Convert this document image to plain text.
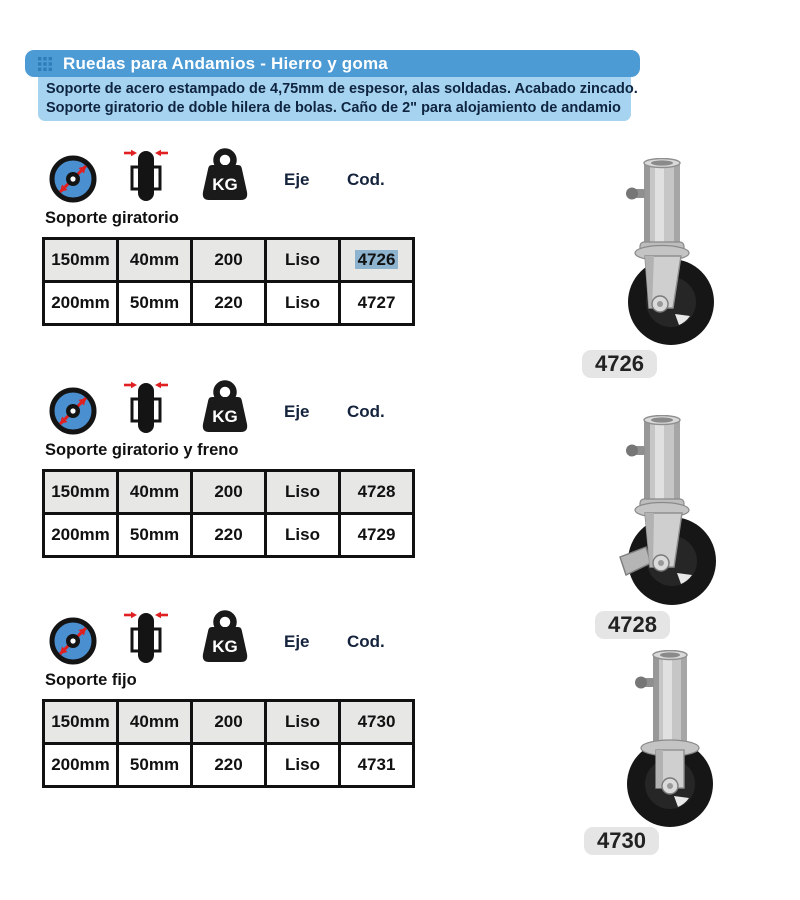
Ruedas para Andamios - Hierro y goma
Soporte de acero estampado de 4,75mm de espesor, alas soldadas. Acabado zincado.
Soporte giratorio de doble hilera de bolas. Caño de 2" para alojamiento de andamio
KG	Eje Cod.
Soporte giratorio
150mm	40mm	200	Liso	4726
200mm	50mm	220	Liso	4727
KG	Eje Cod.
Soporte giratorio y freno
150mm	40mm	200	Liso	4728
200mm	50mm	220	Liso	4729
KG	Eje Cod.
Soporte fijo
150mm	40mm	200	Liso	4730
200mm	50mm	220	Liso	4731
4726
4728
4730
